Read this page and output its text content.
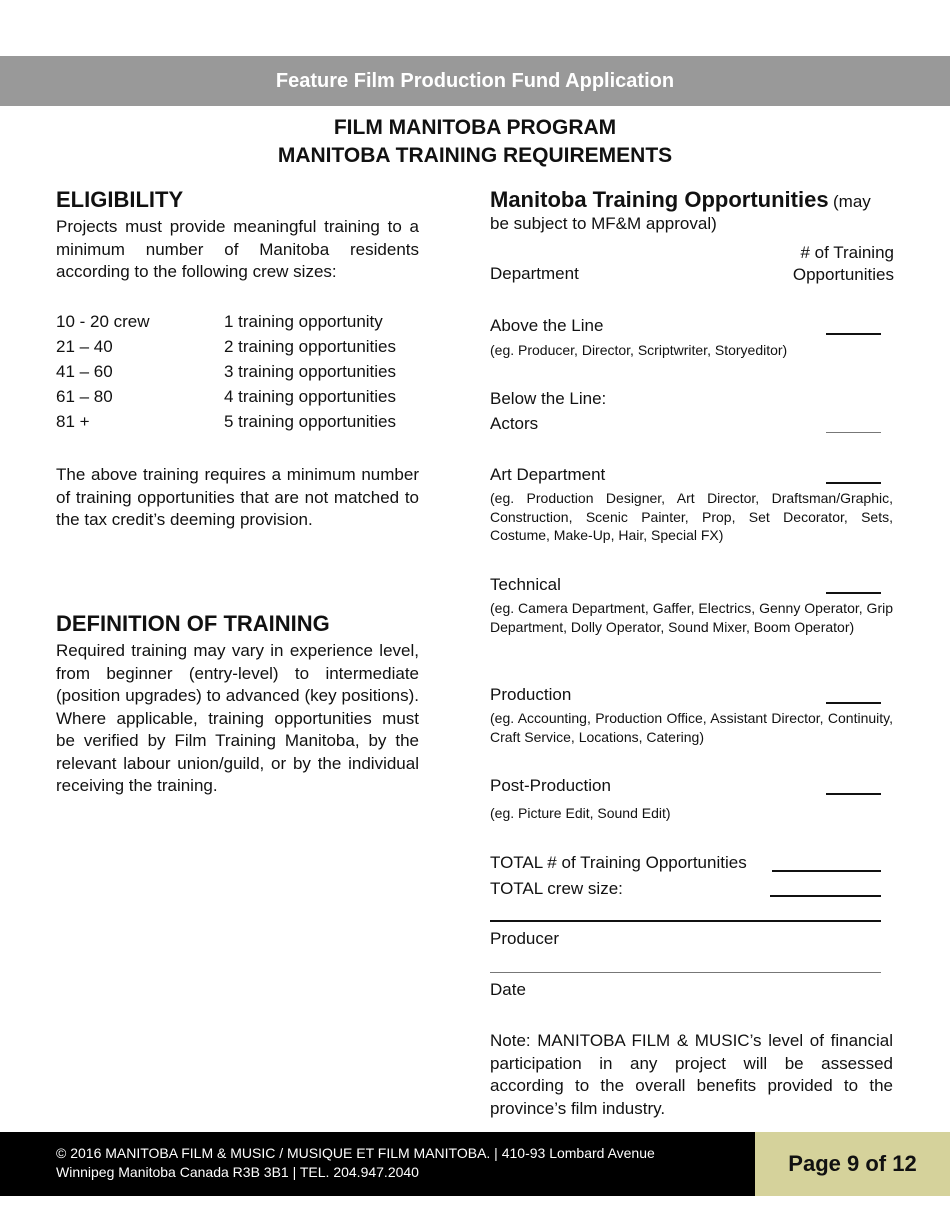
Feature Film Production Fund Application
FILM MANITOBA PROGRAM
MANITOBA TRAINING REQUIREMENTS
ELIGIBILITY
Projects must provide meaningful training to a minimum number of Manitoba residents according to the following crew sizes:
10 - 20 crew	1 training opportunity
21 – 40	2 training opportunities
41 – 60	3 training opportunities
61 – 80	4 training opportunities
81 +	5 training opportunities
The above training requires a minimum number of training opportunities that are not matched to the tax credit’s deeming provision.
DEFINITION OF TRAINING
Required training may vary in experience level, from beginner (entry-level) to intermediate (position upgrades) to advanced (key positions). Where applicable, training opportunities must be verified by Film Training Manitoba, by the relevant labour union/guild, or by the individual receiving the training.
Manitoba Training Opportunities (may
be subject to MF&M approval)
Department
# of Training
Opportunities
Above the Line
(eg. Producer, Director, Scriptwriter, Storyeditor)
Below the Line:
Actors
Art Department
(eg. Production Designer, Art Director, Draftsman/Graphic, Construction, Scenic Painter, Prop, Set Decorator, Sets, Costume, Make-Up, Hair, Special FX)
Technical
(eg. Camera Department, Gaffer, Electrics, Genny Operator, Grip Department, Dolly Operator, Sound Mixer, Boom Operator)
Production
(eg. Accounting, Production Office, Assistant Director, Continuity, Craft Service, Locations, Catering)
Post-Production
(eg. Picture Edit, Sound Edit)
TOTAL # of Training Opportunities
TOTAL crew size:
Producer
Date
Note: MANITOBA FILM & MUSIC’s level of financial participation in any project will be assessed according to the overall benefits provided to the province’s film industry.
© 2016 MANITOBA FILM & MUSIC / MUSIQUE ET FILM MANITOBA. | 410-93 Lombard Avenue
Winnipeg Manitoba Canada R3B 3B1 | TEL. 204.947.2040	Page 9 of 12
